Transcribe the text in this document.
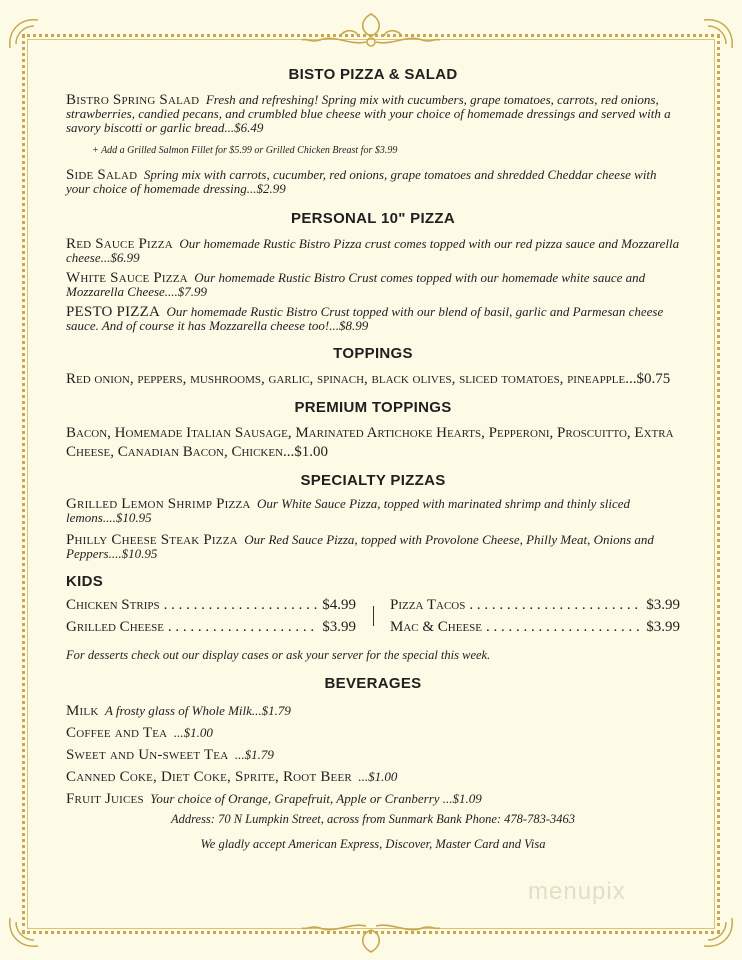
BISTO PIZZA & SALAD

Bistro Spring Salad Fresh and refreshing! Spring mix with cucumbers, grape tomatoes, carrots, red onions, strawberries, candied pecans, and crumbled blue cheese with your choice of homemade dressings and served with a savory biscotti or garlic bread...$6.49

+ Add a Grilled Salmon Fillet for $5.99 or Grilled Chicken Breast for $3.99

Side Salad Spring mix with carrots, cucumber, red onions, grape tomatoes and shredded Cheddar cheese with your choice of homemade dressing...$2.99

PERSONAL 10" PIZZA

Red Sauce Pizza Our homemade Rustic Bistro Pizza crust comes topped with our red pizza sauce and Mozzarella cheese...$6.99

White Sauce Pizza Our homemade Rustic Bistro Crust comes topped with our homemade white sauce and Mozzarella Cheese....$7.99

PESTO PIZZA Our homemade Rustic Bistro Crust topped with our blend of basil, garlic and Parmesan cheese sauce. And of course it has Mozzarella cheese too!...$8.99

TOPPINGS

Red onion, peppers, mushrooms, garlic, spinach, black olives, sliced tomatoes, pineapple...$0.75

PREMIUM TOPPINGS

Bacon, Homemade Italian Sausage, Marinated Artichoke Hearts, Pepperoni, Proscuitto, Extra Cheese, Canadian Bacon, Chicken...$1.00

SPECIALTY PIZZAS

Grilled Lemon Shrimp Pizza Our White Sauce Pizza, topped with marinated shrimp and thinly sliced lemons....$10.95

Philly Cheese Steak Pizza Our Red Sauce Pizza, topped with Provolone Cheese, Philly Meat, Onions and Peppers....$10.95

KIDS
Chicken Strips . . .	$4.99
Grilled Cheese . . .	$3.99
Pizza Tacos . . .	$3.99
Mac & Cheese . . .	$3.99

For desserts check out our display cases or ask your server for the special this week.

BEVERAGES

Milk A frosty glass of Whole Milk...$1.79

Coffee and Tea ...$1.00

Sweet and Un-sweet Tea ...$1.79

Canned Coke, Diet Coke, Sprite, Root Beer ...$1.00

Fruit Juices Your choice of Orange, Grapefruit, Apple or Cranberry ...$1.09

Address: 70 N Lumpkin Street, across from Sunmark Bank Phone: 478-783-3463

We gladly accept American Express, Discover, Master Card and Visa

menupix
